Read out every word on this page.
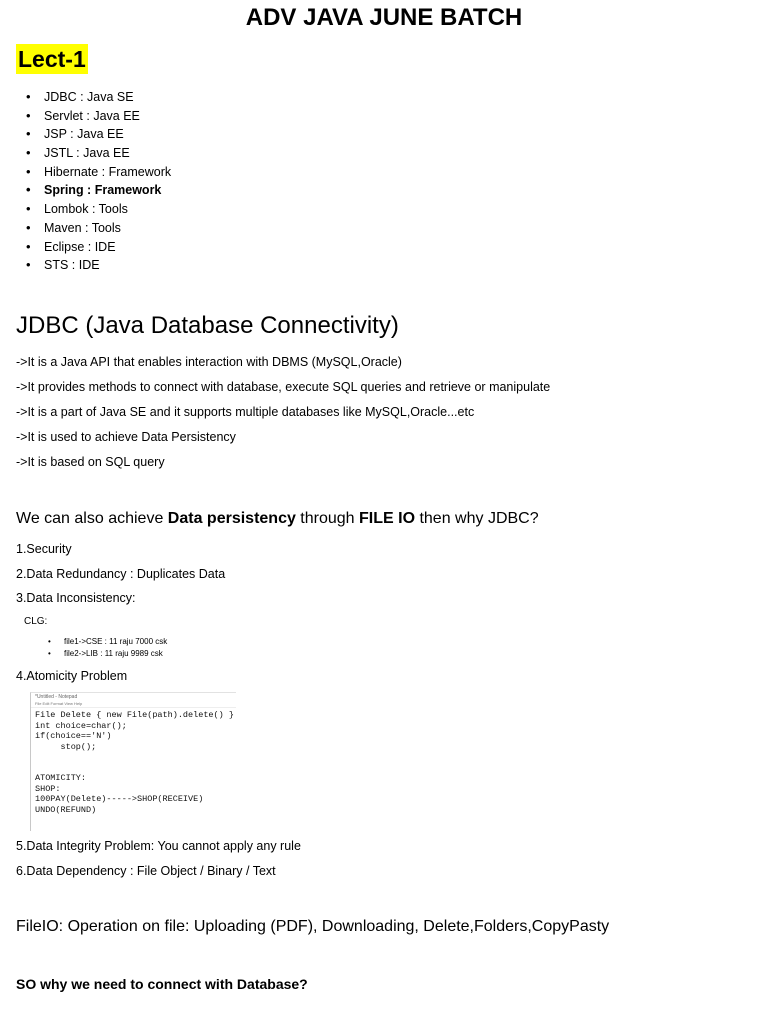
ADV JAVA JUNE BATCH
Lect-1
• JDBC : Java SE
• Servlet : Java EE
• JSP : Java EE
• JSTL : Java EE
• Hibernate : Framework
• Spring : Framework
• Lombok : Tools
• Maven : Tools
• Eclipse : IDE
• STS : IDE
JDBC (Java Database Connectivity)
->It is a Java API that enables interaction with DBMS (MySQL,Oracle)
->It provides methods to connect with database, execute SQL queries and retrieve or manipulate
->It is a part of Java SE and it supports multiple databases like MySQL,Oracle...etc
->It is used to achieve Data Persistency
->It is based on SQL query
We can also achieve Data persistency through FILE IO then why JDBC?
1.Security
2.Data Redundancy : Duplicates Data
3.Data Inconsistency:
CLG:
• file1->CSE : 11 raju 7000 csk
• file2->LIB : 11 raju 9989 csk
4.Atomicity Problem
*Untitled - Notepad
File Edit Format View Help
File Delete { new File(path).delete() }
int choice=char();
if(choice=='N')
stop();

ATOMICITY:
SHOP:
100PAY(Delete)----->SHOP(RECEIVE)
UNDO(REFUND)
5.Data Integrity Problem: You cannot apply any rule
6.Data Dependency : File Object / Binary / Text
FileIO: Operation on file: Uploading (PDF), Downloading, Delete,Folders,CopyPasty
SO why we need to connect with Database?
